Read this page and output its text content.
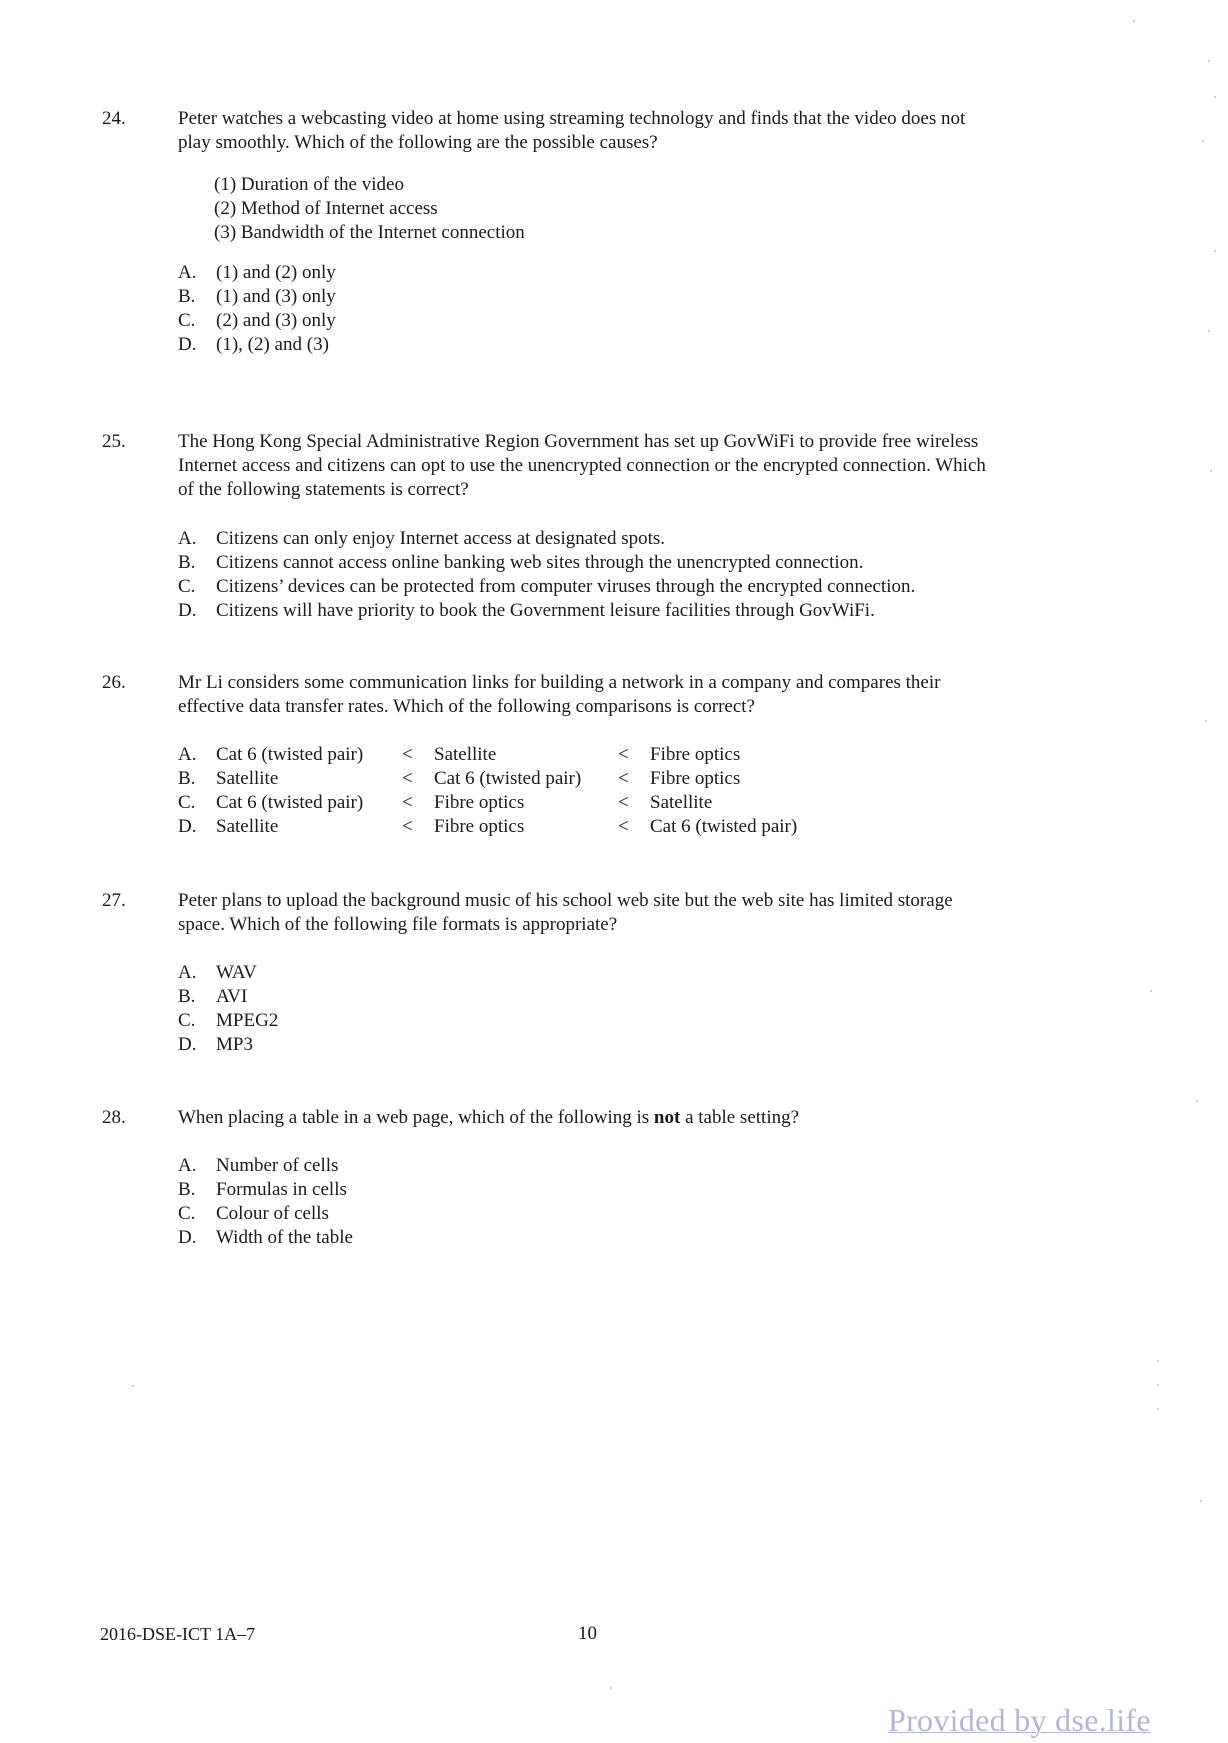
24.	Peter watches a webcasting video at home using streaming technology and finds that the video does not
play smoothly. Which of the following are the possible causes?
(1) Duration of the video
(2) Method of Internet access
(3) Bandwidth of the Internet connection
A.	(1) and (2) only
B.	(1) and (3) only
C.	(2) and (3) only
D.	(1), (2) and (3)
25.	The Hong Kong Special Administrative Region Government has set up GovWiFi to provide free wireless
Internet access and citizens can opt to use the unencrypted connection or the encrypted connection. Which
of the following statements is correct?
A.	Citizens can only enjoy Internet access at designated spots.
B.	Citizens cannot access online banking web sites through the unencrypted connection.
C.	Citizens’ devices can be protected from computer viruses through the encrypted connection.
D.	Citizens will have priority to book the Government leisure facilities through GovWiFi.
26.	Mr Li considers some communication links for building a network in a company and compares their
effective data transfer rates. Which of the following comparisons is correct?
A.	Cat 6 (twisted pair) < Satellite	< Fibre optics
B.	Satellite	< Cat 6 (twisted pair) < Fibre optics
C.	Cat 6 (twisted pair) < Fibre optics	< Satellite
D.	Satellite	< Fibre optics	< Cat 6 (twisted pair)
27.	Peter plans to upload the background music of his school web site but the web site has limited storage
space. Which of the following file formats is appropriate?
A.	WAV
B.	AVI
C.	MPEG2
D.	MP3
28.	When placing a table in a web page, which of the following is not a table setting?
A.	Number of cells
B.	Formulas in cells
C.	Colour of cells
D.	Width of the table
2016-DSE-ICT 1A–7	10
Provided by dse.life
